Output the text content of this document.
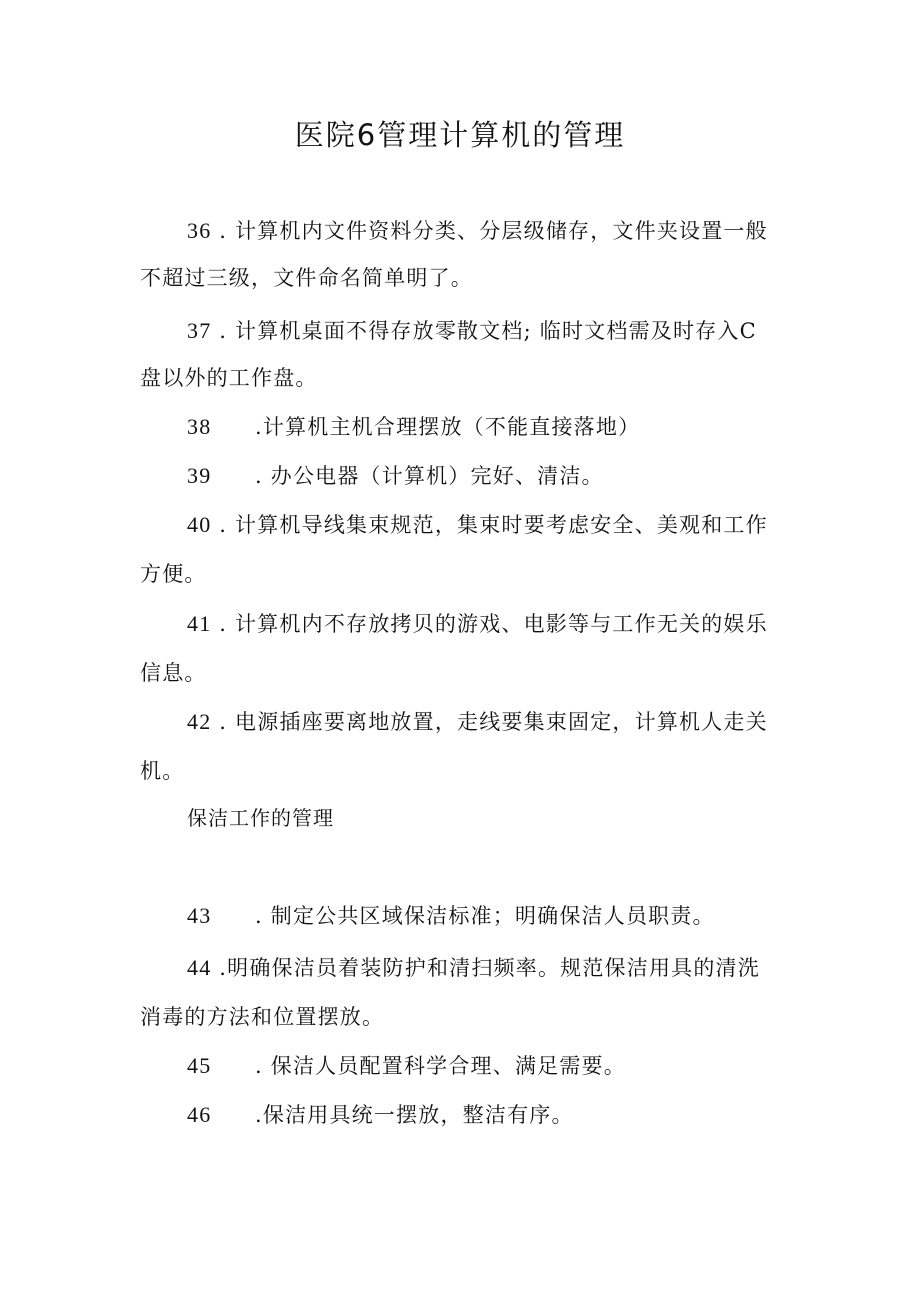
医院6管理计算机的管理
36 . 计算机内文件资料分类、分层级储存，文件夹设置一般
不超过三级，文件命名简单明了。
37 . 计算机桌面不得存放零散文档; 临时文档需及时存入C
盘以外的工作盘。
38 .计算机主机合理摆放（不能直接落地）
39 . 办公电器（计算机）完好、清洁。
40 . 计算机导线集束规范，集束时要考虑安全、美观和工作
方便。
41 . 计算机内不存放拷贝的游戏、电影等与工作无关的娱乐
信息。
42 . 电源插座要离地放置，走线要集束固定，计算机人走关
机。
保洁工作的管理
43 . 制定公共区域保洁标准；明确保洁人员职责。
44 .明确保洁员着装防护和清扫频率。规范保洁用具的清洗
消毒的方法和位置摆放。
45 . 保洁人员配置科学合理、满足需要。
46 .保洁用具统一摆放，整洁有序。
